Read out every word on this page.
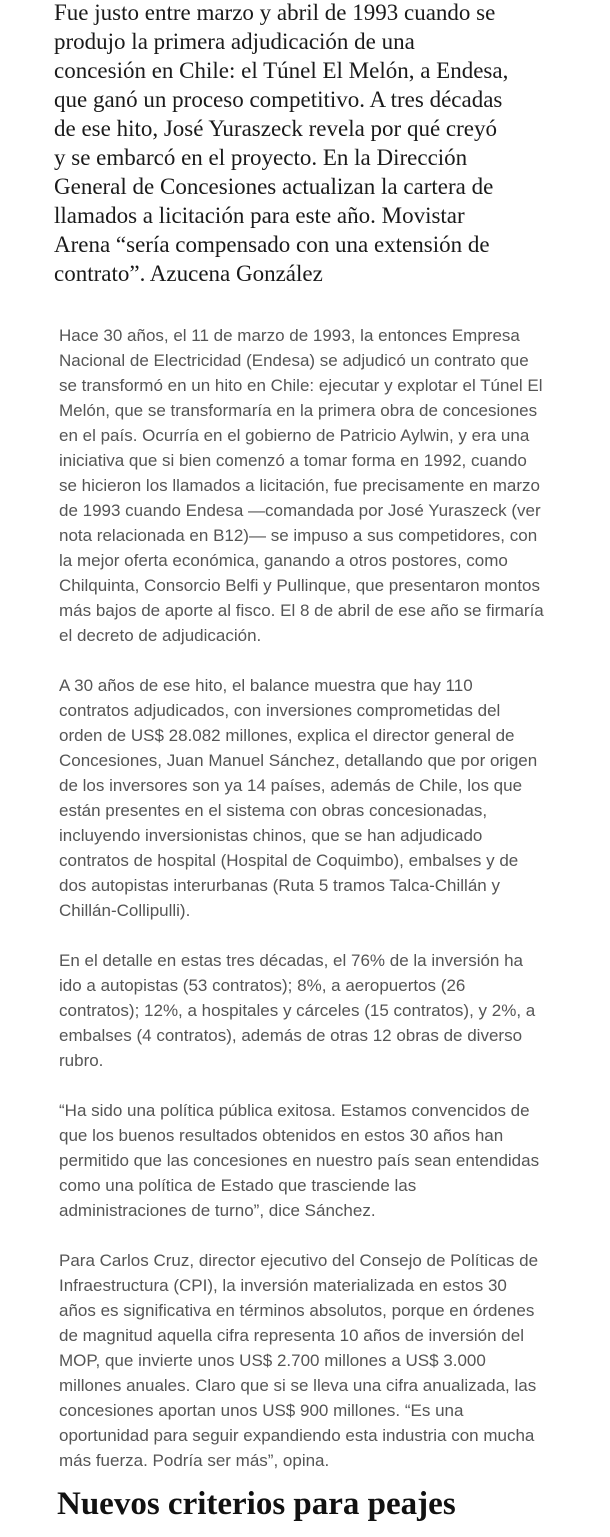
Fue justo entre marzo y abril de 1993 cuando se produjo la primera adjudicación de una concesión en Chile: el Túnel El Melón, a Endesa, que ganó un proceso competitivo. A tres décadas de ese hito, José Yuraszeck revela por qué creyó y se embarcó en el proyecto. En la Dirección General de Concesiones actualizan la cartera de llamados a licitación para este año. Movistar Arena “sería compensado con una extensión de contrato”. Azucena González

Hace 30 años, el 11 de marzo de 1993, la entonces Empresa Nacional de Electricidad (Endesa) se adjudicó un contrato que se transformó en un hito en Chile: ejecutar y explotar el Túnel El Melón, que se transformaría en la primera obra de concesiones en el país. Ocurría en el gobierno de Patricio Aylwin, y era una iniciativa que si bien comenzó a tomar forma en 1992, cuando se hicieron los llamados a licitación, fue precisamente en marzo de 1993 cuando Endesa —comandada por José Yuraszeck (ver nota relacionada en B12)— se impuso a sus competidores, con la mejor oferta económica, ganando a otros postores, como Chilquinta, Consorcio Belfi y Pullinque, que presentaron montos más bajos de aporte al fisco. El 8 de abril de ese año se firmaría el decreto de adjudicación.

A 30 años de ese hito, el balance muestra que hay 110 contratos adjudicados, con inversiones comprometidas del orden de US$ 28.082 millones, explica el director general de Concesiones, Juan Manuel Sánchez, detallando que por origen de los inversores son ya 14 países, además de Chile, los que están presentes en el sistema con obras concesionadas, incluyendo inversionistas chinos, que se han adjudicado contratos de hospital (Hospital de Coquimbo), embalses y de dos autopistas interurbanas (Ruta 5 tramos Talca-Chillán y Chillán-Collipulli).

En el detalle en estas tres décadas, el 76% de la inversión ha ido a autopistas (53 contratos); 8%, a aeropuertos (26 contratos); 12%, a hospitales y cárceles (15 contratos), y 2%, a embalses (4 contratos), además de otras 12 obras de diverso rubro.

“Ha sido una política pública exitosa. Estamos convencidos de que los buenos resultados obtenidos en estos 30 años han permitido que las concesiones en nuestro país sean entendidas como una política de Estado que trasciende las administraciones de turno”, dice Sánchez.

Para Carlos Cruz, director ejecutivo del Consejo de Políticas de Infraestructura (CPI), la inversión materializada en estos 30 años es significativa en términos absolutos, porque en órdenes de magnitud aquella cifra representa 10 años de inversión del MOP, que invierte unos US$ 2.700 millones a US$ 3.000 millones anuales. Claro que si se lleva una cifra anualizada, las concesiones aportan unos US$ 900 millones. “Es una oportunidad para seguir expandiendo esta industria con mucha más fuerza. Podría ser más”, opina.

Nuevos criterios para peajes
